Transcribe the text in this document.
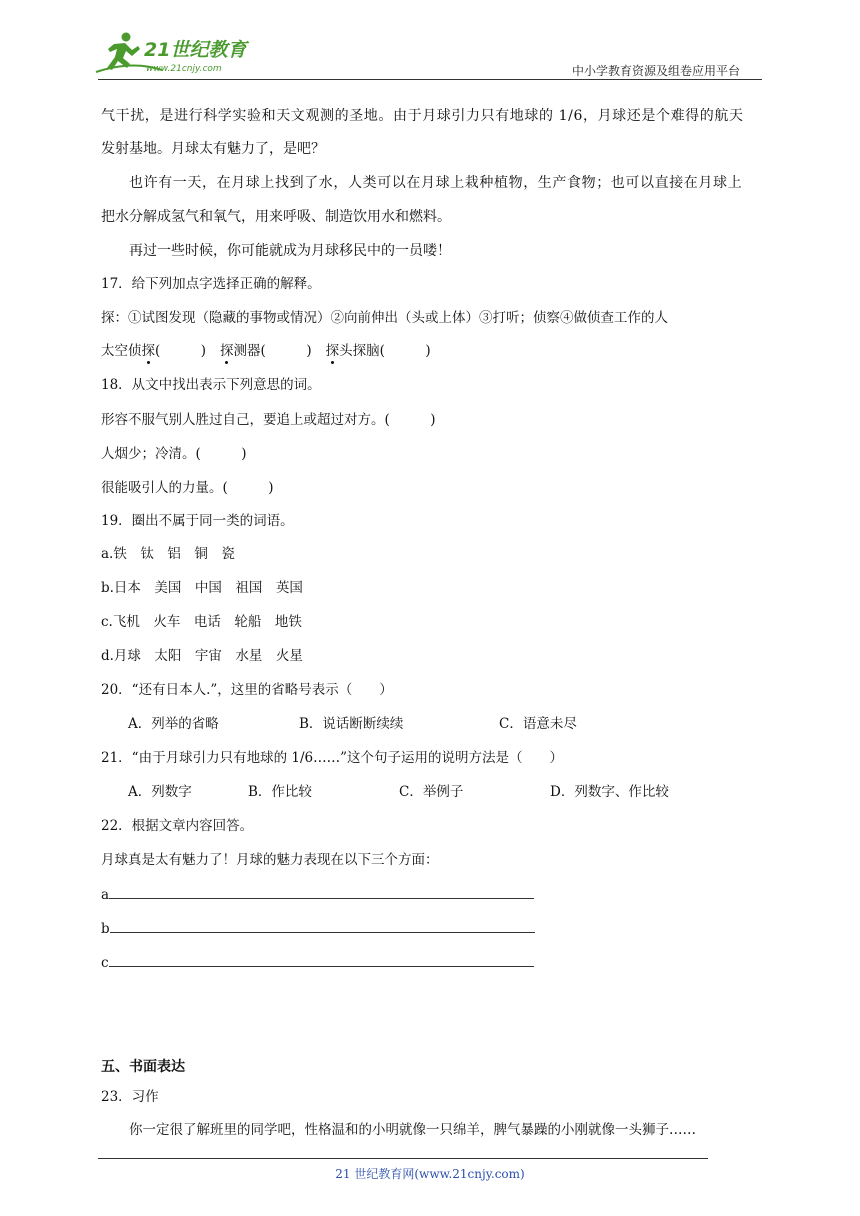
21世纪教育
www.21cnjy.com	中小学教育资源及组卷应用平台
气干扰，是进行科学实验和天文观测的圣地。由于月球引力只有地球的 1/6，月球还是个难得的航天
发射基地。月球太有魅力了，是吧？
也许有一天，在月球上找到了水，人类可以在月球上栽种植物，生产食物；也可以直接在月球上
把水分解成氢气和氧气，用来呼吸、制造饮用水和燃料。
再过一些时候，你可能就成为月球移民中的一员喽！
17．给下列加点字选择正确的解释。
探：①试图发现（隐藏的事物或情况）②向前伸出（头或上体）③打听；侦察④做侦查工作的人
太空侦探(　　　) 探测器(　　　) 探头探脑(　　　)
18．从文中找出表示下列意思的词。
形容不服气别人胜过自己，要追上或超过对方。(　　　)
人烟少；冷清。(　　　)
很能吸引人的力量。(　　　)
19．圈出不属于同一类的词语。
a.铁　钛　铝　铜　瓷
b.日本　美国　中国　祖国　英国
c.飞机　火车　电话　轮船　地铁
d.月球　太阳　宇宙　水星　火星
20．“还有日本人.”，这里的省略号表示（　　）
A．列举的省略	B．说话断断续续	C．语意未尽
21．“由于月球引力只有地球的 1/6……”这个句子运用的说明方法是（　　）
A．列数字	B．作比较	C．举例子	D．列数字、作比较
22．根据文章内容回答。
月球真是太有魅力了！月球的魅力表现在以下三个方面：
a
b
c
五、书面表达
23．习作
你一定很了解班里的同学吧，性格温和的小明就像一只绵羊，脾气暴躁的小刚就像一头狮子……
21 世纪教育网(www.21cnjy.com)
